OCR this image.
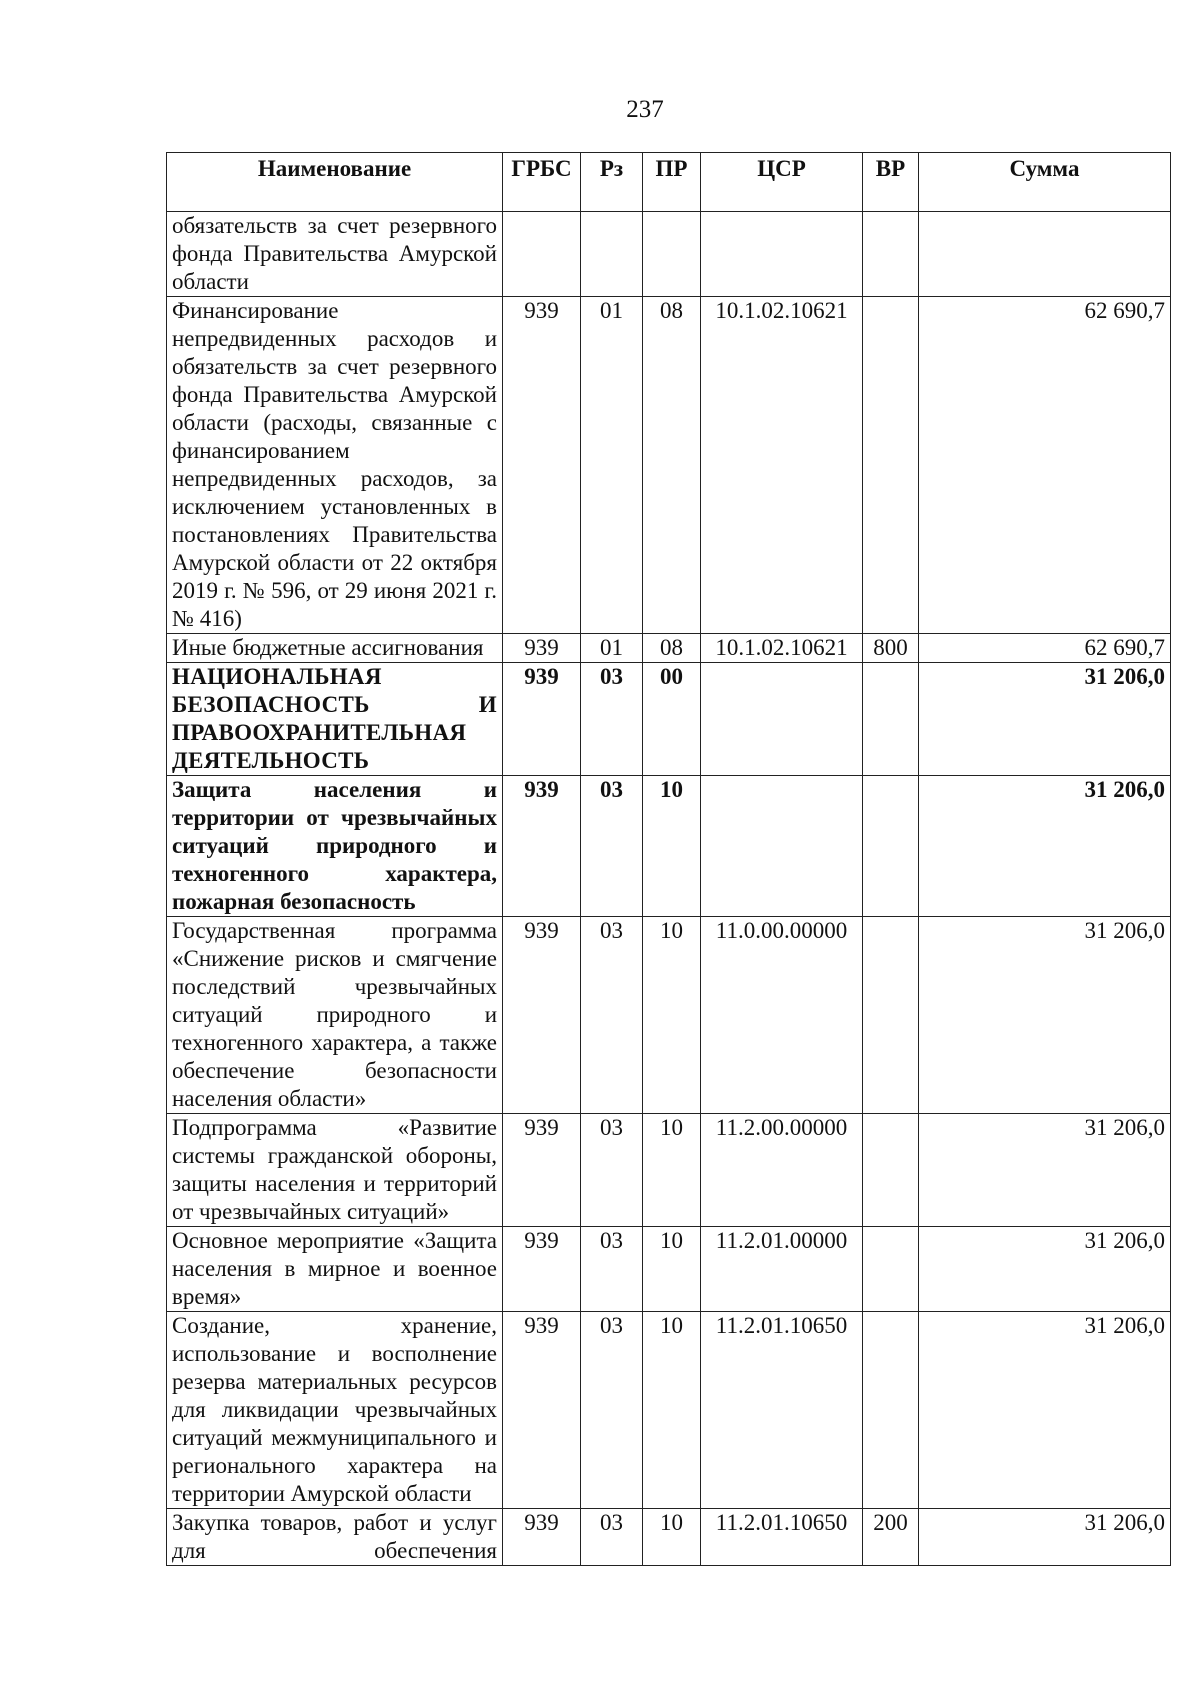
237
Наименование	ГРБС	Рз	ПР	ЦСР	ВР	Сумма
обязательств за счет резервного фонда Правительства Амурской области						
Финансирование непредвиденных расходов и обязательств за счет резервного фонда Правительства Амурской области (расходы, связанные с финансированием непредвиденных расходов, за исключением установленных в постановлениях Правительства Амурской области от 22 октября 2019 г. № 596, от 29 июня 2021 г. № 416)	939	01	08	10.1.02.10621		62 690,7
Иные бюджетные ассигнования	939	01	08	10.1.02.10621	800	62 690,7
НАЦИОНАЛЬНАЯ БЕЗОПАСНОСТЬ И ПРАВООХРАНИТЕЛЬНАЯ ДЕЯТЕЛЬНОСТЬ	939	03	00			31 206,0
Защита населения и территории от чрезвычайных ситуаций природного и техногенного характера, пожарная безопасность	939	03	10			31 206,0
Государственная программа «Снижение рисков и смягчение последствий чрезвычайных ситуаций природного и техногенного характера, а также обеспечение безопасности населения области»	939	03	10	11.0.00.00000		31 206,0
Подпрограмма «Развитие системы гражданской обороны, защиты населения и территорий от чрезвычайных ситуаций»	939	03	10	11.2.00.00000		31 206,0
Основное мероприятие «Защита населения в мирное и военное время»	939	03	10	11.2.01.00000		31 206,0
Создание, хранение, использование и восполнение резерва материальных ресурсов для ликвидации чрезвычайных ситуаций межмуниципального и регионального характера на территории Амурской области	939	03	10	11.2.01.10650		31 206,0
Закупка товаров, работ и услуг для обеспечения	939	03	10	11.2.01.10650	200	31 206,0
